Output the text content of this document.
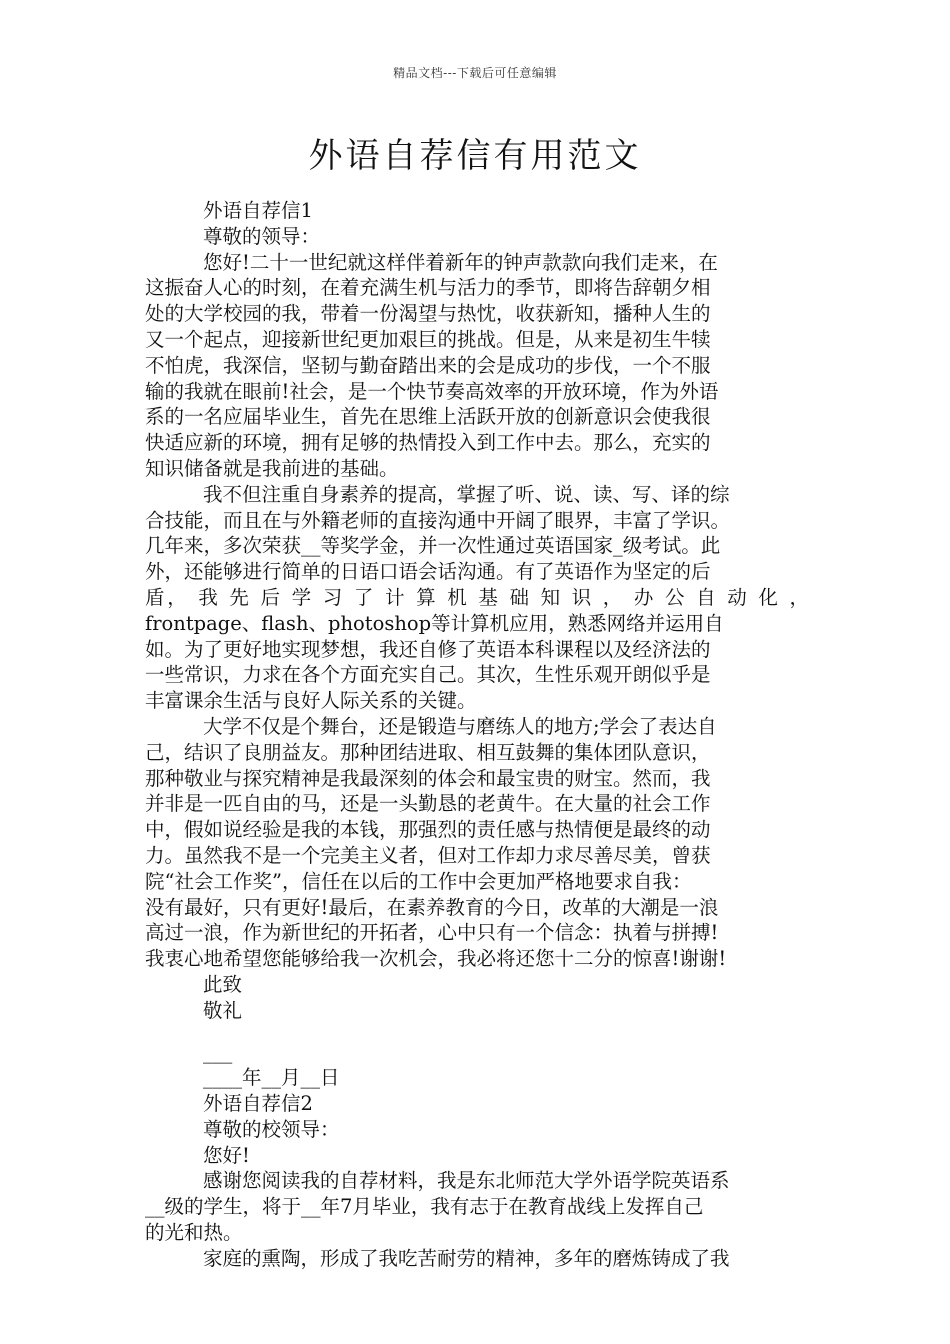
精品文档---下载后可任意编辑
外语自荐信有用范文
外语自荐信1
尊敬的领导：
您好!二十一世纪就这样伴着新年的钟声款款向我们走来，在
这振奋人心的时刻，在着充满生机与活力的季节，即将告辞朝夕相
处的大学校园的我，带着一份渴望与热忱，收获新知，播种人生的
又一个起点，迎接新世纪更加艰巨的挑战。但是，从来是初生牛犊
不怕虎，我深信，坚韧与勤奋踏出来的会是成功的步伐，一个不服
输的我就在眼前!社会，是一个快节奏高效率的开放环境，作为外语
系的一名应届毕业生，首先在思维上活跃开放的创新意识会使我很
快适应新的环境，拥有足够的热情投入到工作中去。那么，充实的
知识储备就是我前进的基础。
我不但注重自身素养的提高，掌握了听、说、读、写、译的综
合技能，而且在与外籍老师的直接沟通中开阔了眼界，丰富了学识。
几年来，多次荣获__等奖学金，并一次性通过英语国家_级考试。此
外，还能够进行简单的日语口语会话沟通。有了英语作为坚定的后
盾， 我 先 后 学 习 了 计 算 机 基 础 知 识 ， 办 公 自 动 化 ，
frontpage、flash、photoshop等计算机应用，熟悉网络并运用自
如。为了更好地实现梦想，我还自修了英语本科课程以及经济法的
一些常识，力求在各个方面充实自己。其次，生性乐观开朗似乎是
丰富课余生活与良好人际关系的关键。
大学不仅是个舞台，还是锻造与磨练人的地方;学会了表达自
己，结识了良朋益友。那种团结进取、相互鼓舞的集体团队意识，
那种敬业与探究精神是我最深刻的体会和最宝贵的财宝。然而，我
并非是一匹自由的马，还是一头勤恳的老黄牛。在大量的社会工作
中，假如说经验是我的本钱，那强烈的责任感与热情便是最终的动
力。虽然我不是一个完美主义者，但对工作却力求尽善尽美，曾获
院“社会工作奖”，信任在以后的工作中会更加严格地要求自我：
没有最好，只有更好!最后，在素养教育的今日，改革的大潮是一浪
高过一浪，作为新世纪的开拓者，心中只有一个信念：执着与拼搏!
我衷心地希望您能够给我一次机会，我必将还您十二分的惊喜!谢谢!
此致
敬礼
___
____年__月__日
外语自荐信2
尊敬的校领导：
您好!
感谢您阅读我的自荐材料，我是东北师范大学外语学院英语系
__级的学生，将于__年7月毕业，我有志于在教育战线上发挥自己
的光和热。
家庭的熏陶，形成了我吃苦耐劳的精神，多年的磨炼铸成了我
